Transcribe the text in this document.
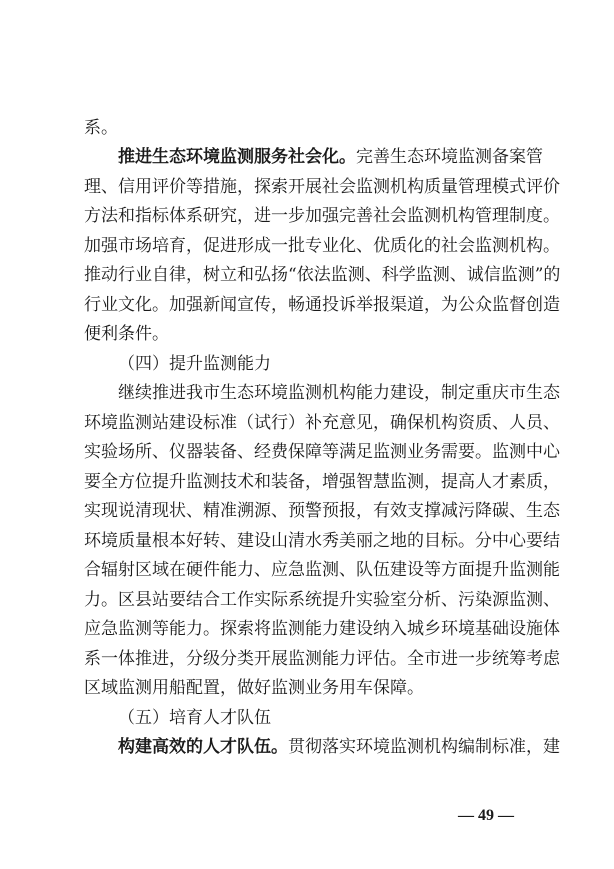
系。
推进生态环境监测服务社会化。完善生态环境监测备案管
理、信用评价等措施，探索开展社会监测机构质量管理模式评价
方法和指标体系研究，进一步加强完善社会监测机构管理制度。
加强市场培育，促进形成一批专业化、优质化的社会监测机构。
推动行业自律，树立和弘扬“依法监测、科学监测、诚信监测”的
行业文化。加强新闻宣传，畅通投诉举报渠道，为公众监督创造
便利条件。
（四）提升监测能力
继续推进我市生态环境监测机构能力建设，制定重庆市生态
环境监测站建设标准（试行）补充意见，确保机构资质、人员、
实验场所、仪器装备、经费保障等满足监测业务需要。监测中心
要全方位提升监测技术和装备，增强智慧监测，提高人才素质，
实现说清现状、精准溯源、预警预报，有效支撑减污降碳、生态
环境质量根本好转、建设山清水秀美丽之地的目标。分中心要结
合辐射区域在硬件能力、应急监测、队伍建设等方面提升监测能
力。区县站要结合工作实际系统提升实验室分析、污染源监测、
应急监测等能力。探索将监测能力建设纳入城乡环境基础设施体
系一体推进，分级分类开展监测能力评估。全市进一步统筹考虑
区域监测用船配置，做好监测业务用车保障。
（五）培育人才队伍
构建高效的人才队伍。贯彻落实环境监测机构编制标准，建
— 49 —
